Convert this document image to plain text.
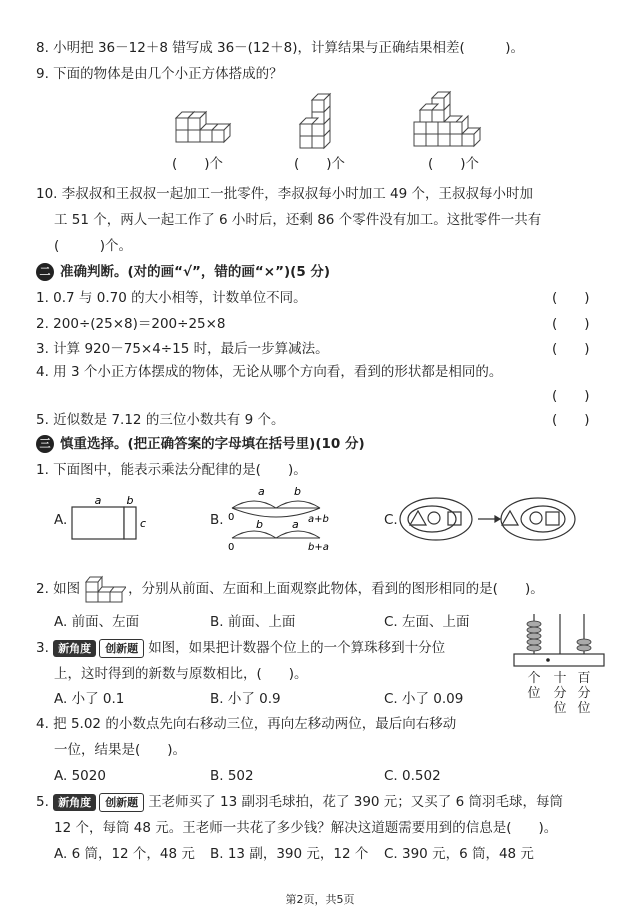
8. 小明把 36－12＋8 错写成 36－(12＋8)，计算结果与正确结果相差(　　　)。
9. 下面的物体是由几个小正方体搭成的？
(　　)个	(　　)个	(　　)个
10. 李叔叔和王叔叔一起加工一批零件，李叔叔每小时加工 49 个，王叔叔每小时加
工 51 个，两人一起工作了 6 小时后，还剩 86 个零件没有加工。这批零件一共有
(　　　)个。
二 准确判断。(对的画“√”，错的画“×”)(5 分)
1. 0.7 与 0.70 的大小相等，计数单位不同。	(　　)
2. 200÷(25×8)＝200÷25×8	(　　)
3. 计算 920－75×4÷15 时，最后一步算减法。	(　　)
4. 用 3 个小正方体摆成的物体，无论从哪个方向看，看到的形状都是相同的。
(　　)
5. 近似数是 7.12 的三位小数共有 9 个。	(　　)
三 慎重选择。(把正确答案的字母填在括号里)(10 分)
1. 下面图中，能表示乘法分配律的是(　　)。
A.
a b
c	B.
a	b
0	a+b
b	a
0	b+a
C.
2. 如图	，分别从前面、左面和上面观察此物体，看到的图形相同的是(　　)。
A. 前面、左面	B. 前面、上面	C. 左面、上面
3. 新角度 创新题 如图，如果把计数器个位上的一个算珠移到十分位
上，这时得到的新数与原数相比，(　　)。
A. 小了 0.1	B. 小了 0.9	C. 小了 0.09
个
位
十
分
位
百
分
位
4. 把 5.02 的小数点先向右移动三位，再向左移动两位，最后向右移动
一位，结果是(　　)。
A. 5020	B. 502	C. 0.502
5. 新角度 创新题 王老师买了 13 副羽毛球拍，花了 390 元；又买了 6 筒羽毛球，每筒
12 个，每筒 48 元。王老师一共花了多少钱？解决这道题需要用到的信息是(　　)。
A. 6 筒，12 个，48 元 B. 13 副，390 元，12 个 C. 390 元，6 筒，48 元
第2页，共5页
